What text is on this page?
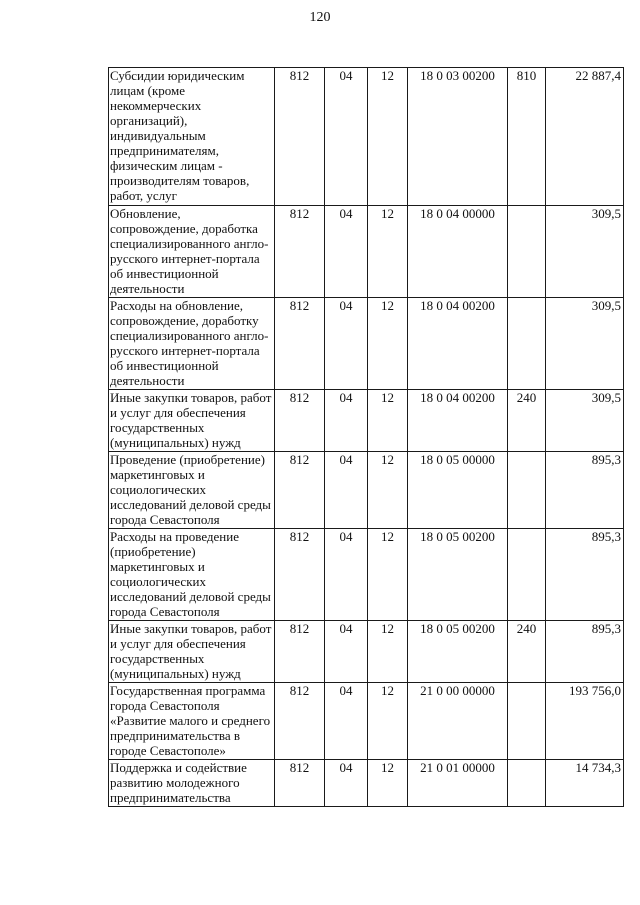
120
Субсидии юридическим лицам (кроме некоммерческих организаций), индивидуальным предпринимателям, физическим лицам - производителям товаров, работ, услуг	812	04	12	18 0 03 00200	810	22 887,4
Обновление, сопровождение, доработка специализированного англо-русского интернет-портала об инвестиционной деятельности	812	04	12	18 0 04 00000		309,5
Расходы на обновление, сопровождение, доработку специализированного англо-русского интернет-портала об инвестиционной деятельности	812	04	12	18 0 04 00200		309,5
Иные закупки товаров, работ и услуг для обеспечения государственных (муниципальных) нужд	812	04	12	18 0 04 00200	240	309,5
Проведение (приобретение) маркетинговых и социологических исследований деловой среды города Севастополя	812	04	12	18 0 05 00000		895,3
Расходы на проведение (приобретение) маркетинговых и социологических исследований деловой среды города Севастополя	812	04	12	18 0 05 00200		895,3
Иные закупки товаров, работ и услуг для обеспечения государственных (муниципальных) нужд	812	04	12	18 0 05 00200	240	895,3
Государственная программа города Севастополя «Развитие малого и среднего предпринимательства в городе Севастополе»	812	04	12	21 0 00 00000		193 756,0
Поддержка и содействие развитию молодежного предпринимательства	812	04	12	21 0 01 00000		14 734,3
